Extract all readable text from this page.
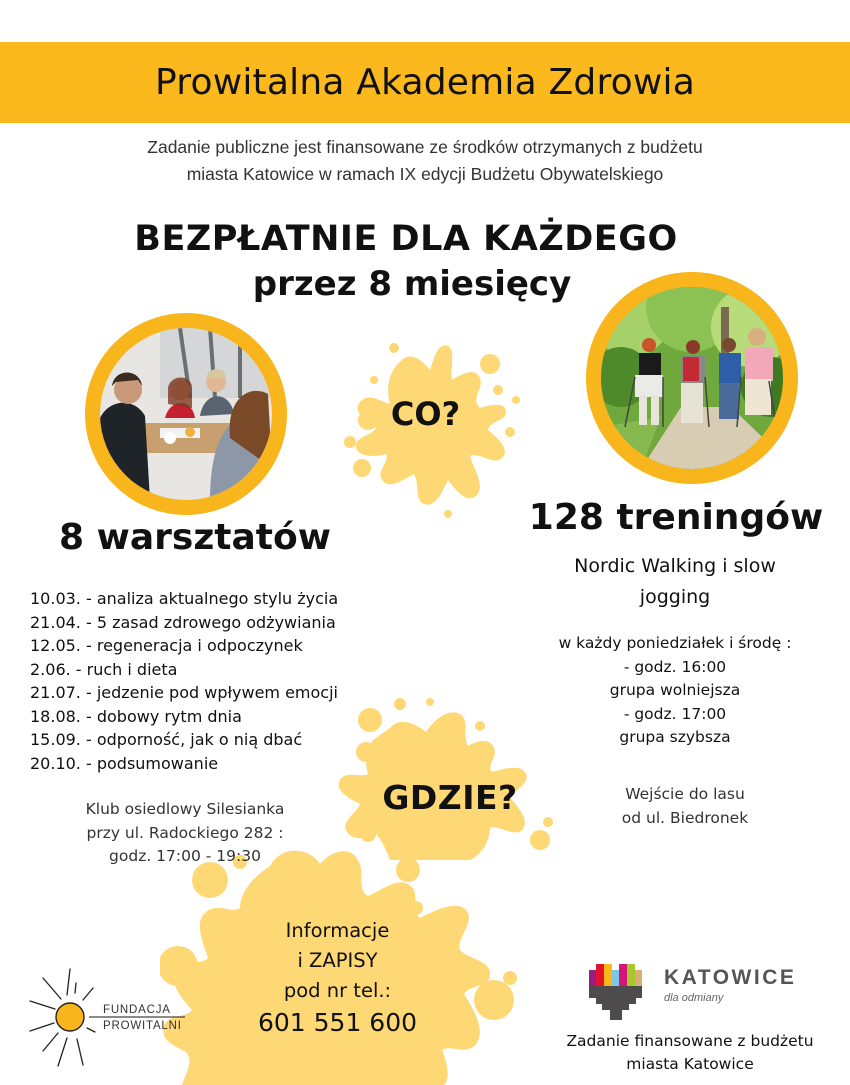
Prowitalna Akademia Zdrowia
Zadanie publiczne jest finansowane ze środków otrzymanych z budżetu
miasta Katowice w ramach IX edycji Budżetu Obywatelskiego
BEZPŁATNIE DLA KAŻDEGO
przez 8 miesięcy
CO?
8 warsztatów
10.03. - analiza aktualnego stylu życia
21.04. - 5 zasad zdrowego odżywiania
12.05. - regeneracja i odpoczynek
2.06. - ruch i dieta
21.07. - jedzenie pod wpływem emocji
18.08. - dobowy rytm dnia
15.09. - odporność, jak o nią dbać
20.10. - podsumowanie
Klub osiedlowy Silesianka
przy ul. Radockiego 282 :
godz. 17:00 - 19:30
128 treningów
Nordic Walking i slow
jogging
w każdy poniedziałek i środę :
- godz. 16:00
grupa wolniejsza
- godz. 17:00
grupa szybsza
Wejście do lasu
od ul. Biedronek
GDZIE?
Informacje
i ZAPISY
pod nr tel.:
601 551 600
FUNDACJA
PROWITALNI
KATOWICE
dla odmiany
Zadanie finansowane z budżetu
miasta Katowice
